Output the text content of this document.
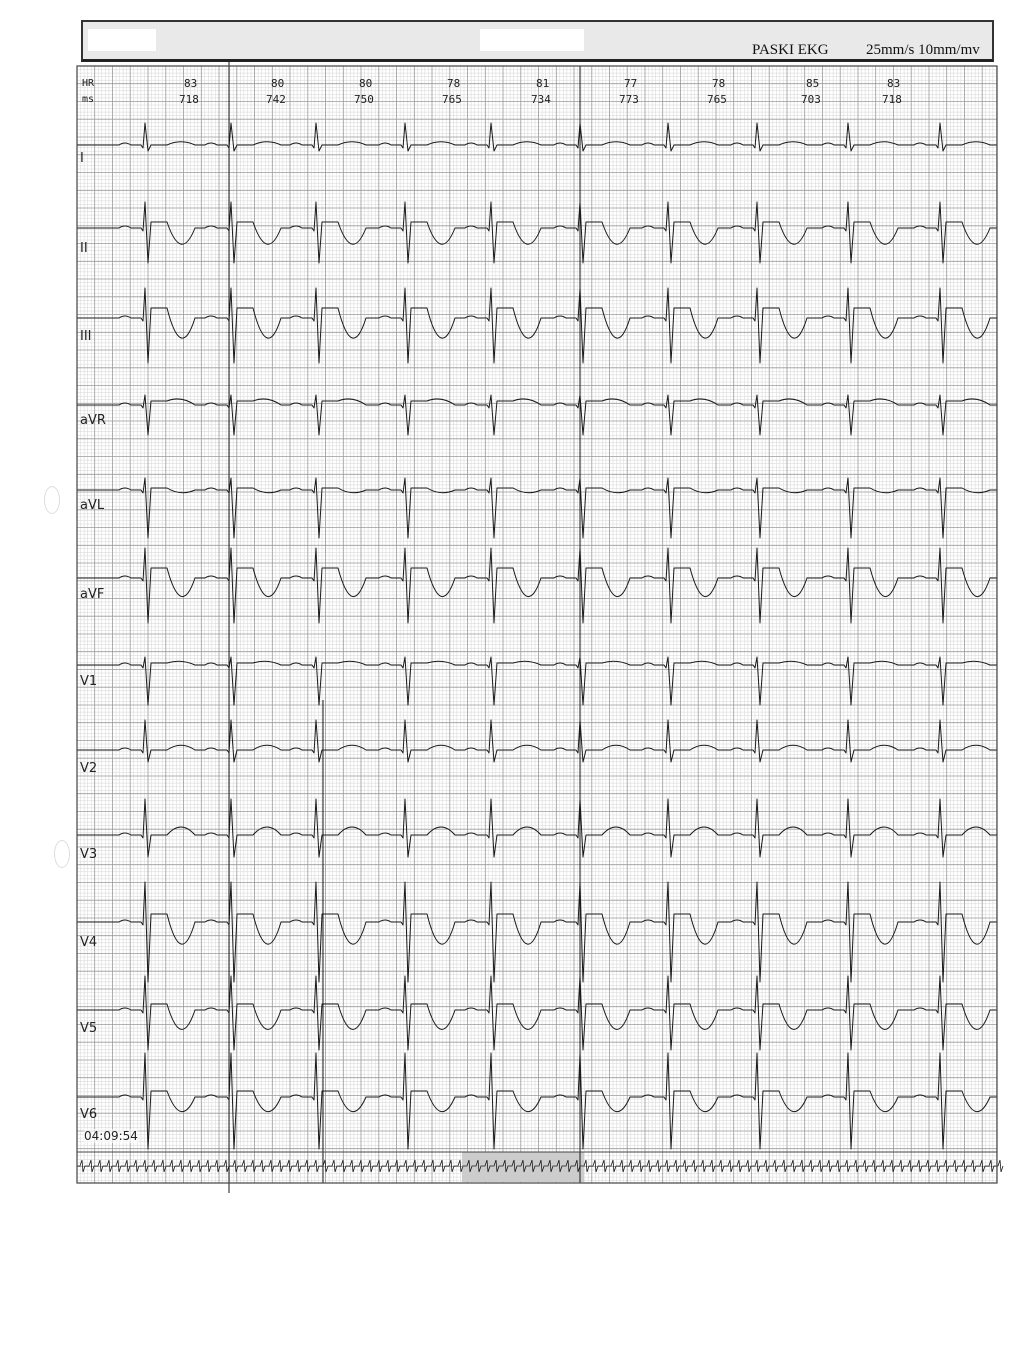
PASKI EKG 25mm/s 10mm/mv
HR
ms
83
718
80
742
80
750
78
765
81
734
77
773
78
765
85
703
83
718
I
II
III
aVR
aVL
aVF
V1
V2
V3
V4
V5
V6
04:09:54
